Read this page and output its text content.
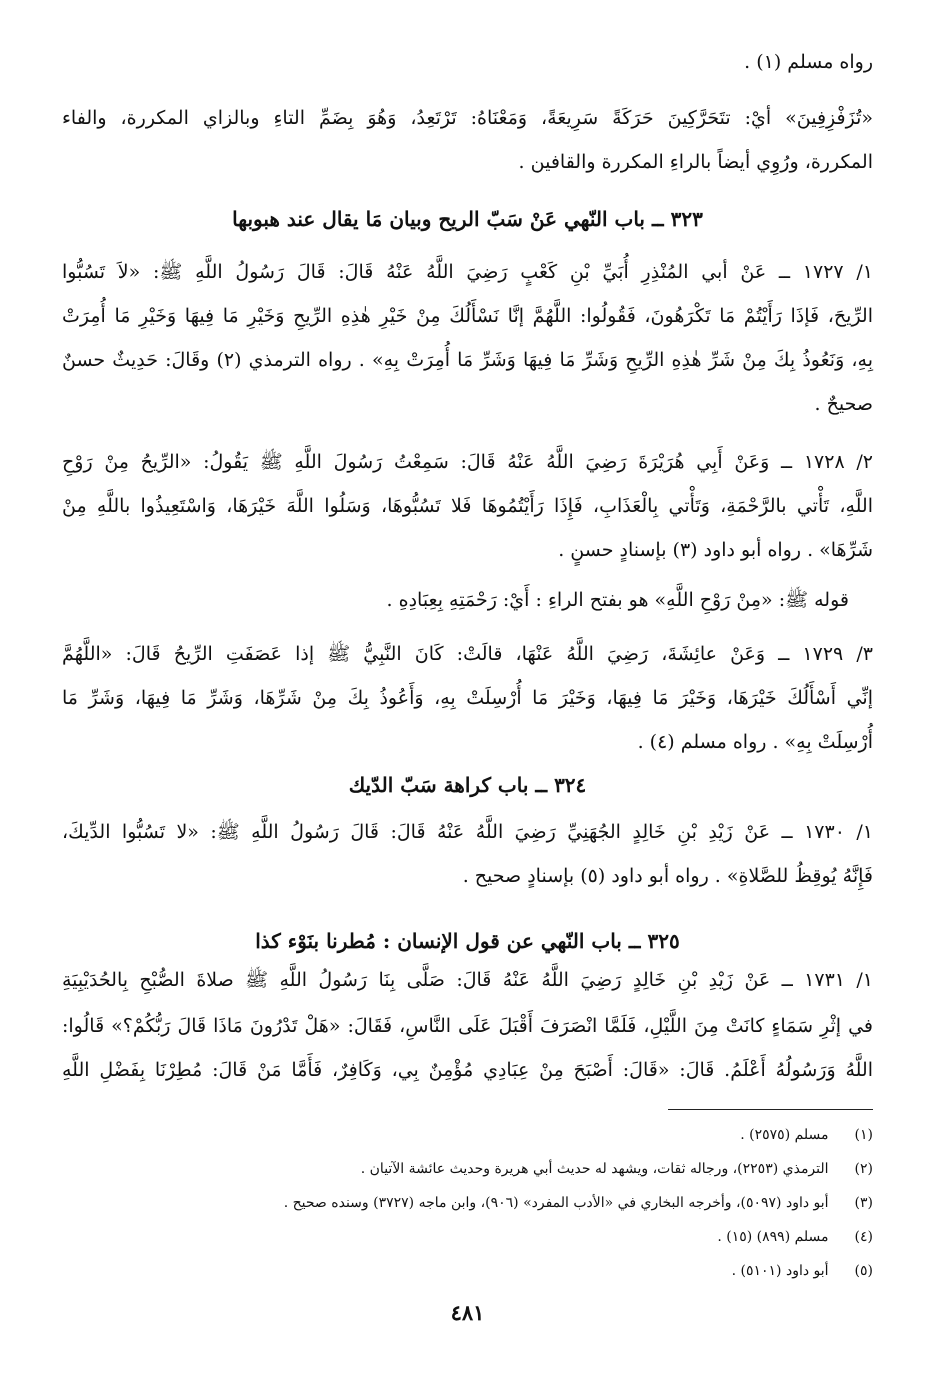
رواه مسلم (١) .
«تُزَفْزِفِينَ» أيْ: تتَحَرَّكِينَ حَرَكَةً سَرِيعَةً، وَمَعْنَاهُ: تَرْتَعِدُ، وَهُوَ بِضَمِّ التاءِ وبالزاي المكررة، والفاء
المكررة، ورُوِي أيضاً بالراءِ المكررة والقافين .
٣٢٣ ــ باب النّهي عَنْ سَبّ الريح وبيان مَا يقال عند هبوبها
١/ ١٧٢٧ ــ عَنْ أبي المُنْذِرِ أُبَيِّ بْنِ كَعْبٍ رَضِيَ اللَّهُ عَنْهُ قَالَ: قَالَ رَسُولُ اللَّهِ ﷺ: «لاَ تَسُبُّوا
الرِّيحَ، فَإذَا رَأَيْتُمْ مَا تَكْرَهُونَ، فَقُولُوا: اللَّهُمَّ إنَّا نَسْأَلُكَ مِنْ خَيْرِ هٰذِهِ الرِّيحِ وَخَيْرِ مَا فِيهَا وَخَيْرِ مَا أُمِرَتْ
بِهِ، وَنَعُوذُ بِكَ مِنْ شَرِّ هٰذِهِ الرِّيحِ وَشَرِّ مَا فِيهَا وَشَرِّ مَا أُمِرَتْ بِهِ» . رواه الترمذي (٢) وقَالَ: حَدِيثٌ حسنٌ
صحيحٌ .
٢/ ١٧٢٨ ــ وَعَنْ أَبِي هُرَيْرَةَ رَضِيَ اللَّهُ عَنْهُ قَالَ: سَمِعْتُ رَسُولَ اللَّهِ ﷺ يَقُولُ: «الرِّيحُ مِنْ رَوْحِ
اللَّهِ، تَأْتي بالرَّحْمَةِ، وَتَأْتي بِالْعَذَابِ، فَإِذَا رَأَيْتُمُوهَا فَلا تَسُبُّوهَا، وَسَلُوا اللَّهَ خَيْرَهَا، وَاسْتَعِيذُوا باللَّهِ مِنْ
شَرِّهَا» . رواه أبو داود (٣) بإسنادٍ حسنٍ .
قوله ﷺ: «مِنْ رَوْحِ اللَّهِ» هو بفتح الراءِ : أَيْ: رَحْمَتِهِ بِعِبَادِهِ .
٣/ ١٧٢٩ ــ وَعَنْ عائِشَةَ، رَضِيَ اللَّهُ عَنْهَا، قالَتْ: كَانَ النَّبِيُّ ﷺ إذا عَصَفَتِ الرِّيحُ قَالَ: «اللَّهُمَّ
إنِّي أَسْأَلُكَ خَيْرَهَا، وَخَيْرَ مَا فِيهَا، وَخَيْرَ مَا أُرْسِلَتْ بِهِ، وَأَعُوذُ بِكَ مِنْ شَرِّهَا، وَشَرِّ مَا فِيهَا، وَشَرِّ مَا
أُرْسِلَتْ بِهِ» . رواه مسلم (٤) .
٣٢٤ ــ باب كراهة سَبّ الدّيك
١/ ١٧٣٠ ــ عَنْ زَيْدِ بْنِ خَالِدٍ الجُهَنِيِّ رَضِيَ اللَّهُ عَنْهُ قَالَ: قَالَ رَسُولُ اللَّهِ ﷺ: «لا تَسُبُّوا الدِّيكَ،
فَإِنَّهُ يُوقِظُ للصَّلاةِ» . رواه أبو داود (٥) بإسنادٍ صحيح .
٣٢٥ ــ باب النّهي عن قول الإنسان : مُطرنا بنَوْء كذا
١/ ١٧٣١ ــ عَنْ زَيْدِ بْنِ خَالِدٍ رَضِيَ اللَّهُ عَنْهُ قَالَ: صَلَّى بِنَا رَسُولُ اللَّهِ ﷺ صلاةَ الصُّبْحِ بِالحُدَيْبِيَةِ
في إثْرِ سَمَاءٍ كانَتْ مِنَ اللَّيْلِ، فَلَمَّا انْصَرَفَ أَقْبَلَ عَلَى النَّاسِ، فَقَالَ: «هَلْ تَدْرُونَ مَاذَا قَالَ رَبُّكُمْ؟» قَالُوا:
اللَّهُ وَرَسُولُهُ أَعْلَمُ. قَالَ: «قَالَ: أَصْبَحَ مِنْ عِبَادِي مُؤْمِنٌ بِي، وَكَافِرٌ، فَأَمَّا مَنْ قَالَ: مُطِرْنَا بِفَضْلِ اللَّهِ
(١) مسلم (٢٥٧٥) .
(٢) الترمذي (٢٢٥٣)، ورجاله ثقات، ويشهد له حديث أبي هريرة وحديث عائشة الآتيان .
(٣) أبو داود (٥٠٩٧)، وأخرجه البخاري في «الأدب المفرد» (٩٠٦)، وابن ماجه (٣٧٢٧) وسنده صحيح .
(٤) مسلم (٨٩٩) (١٥) .
(٥) أبو داود (٥١٠١) .
٤٨١
